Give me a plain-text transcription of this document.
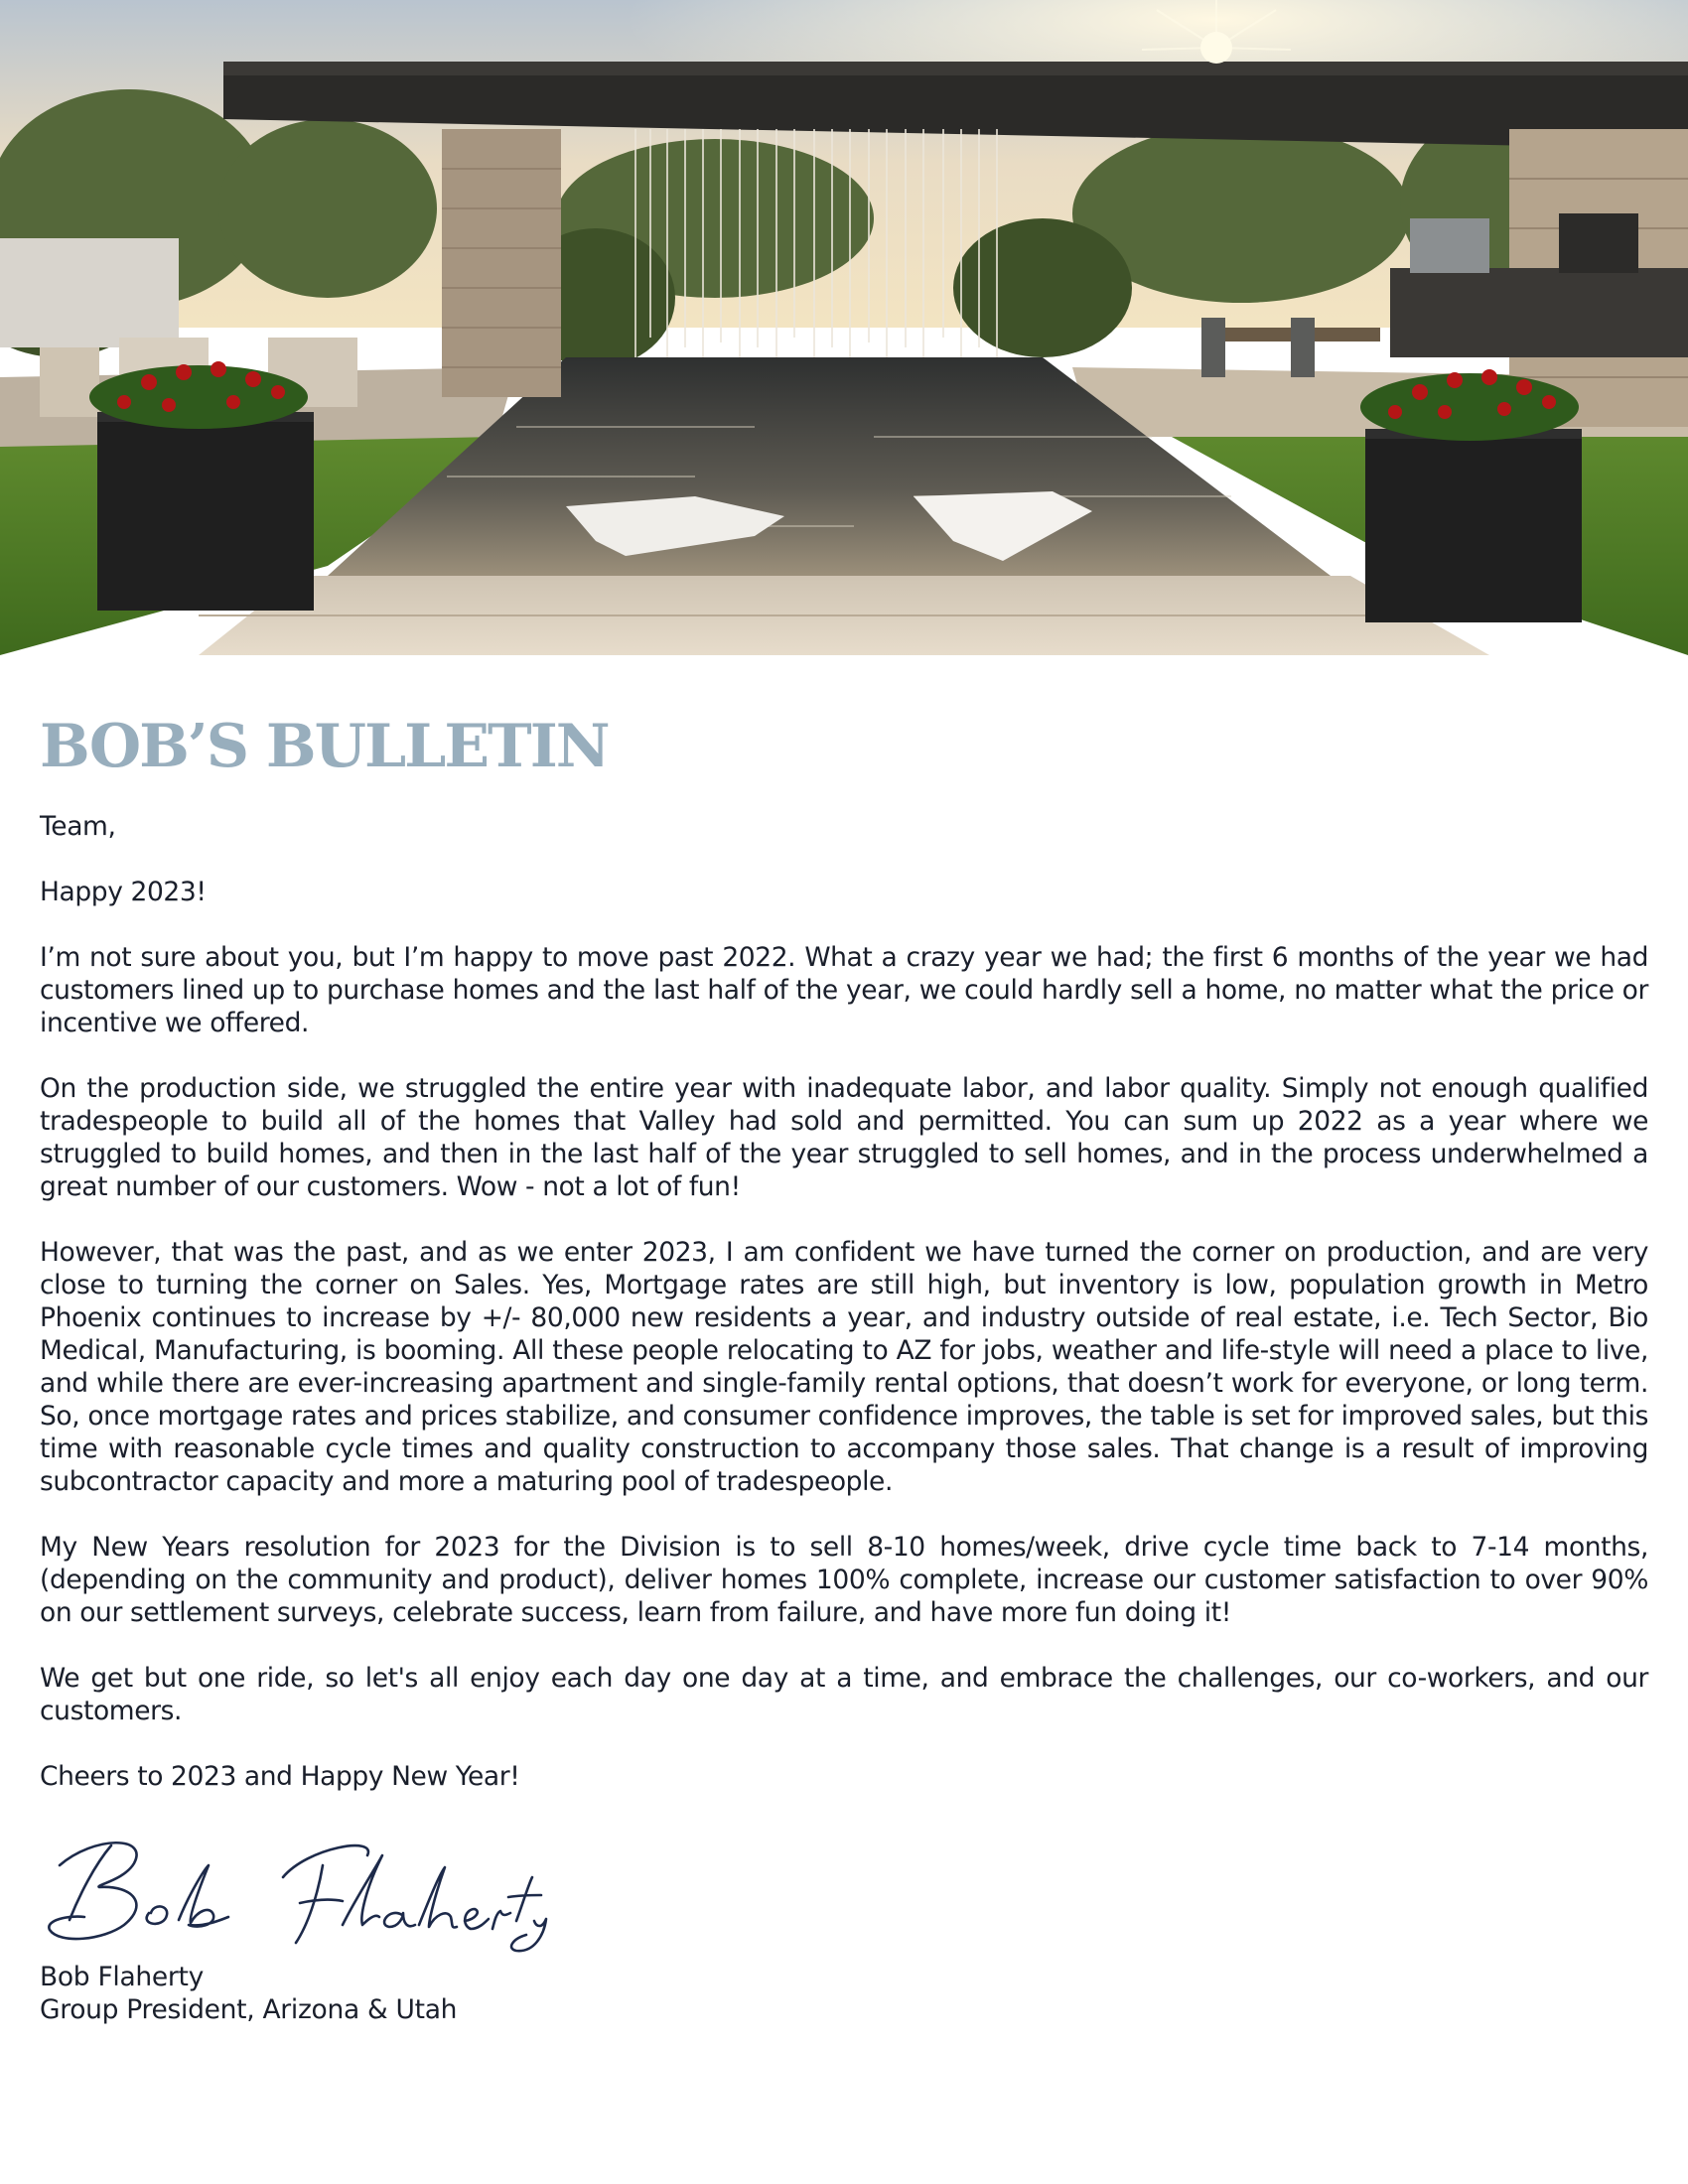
BOB’S BULLETIN

Team,

Happy 2023!

I’m not sure about you, but I’m happy to move past 2022. What a crazy year we had; the first 6 months of the year we had customers lined up to purchase homes and the last half of the year, we could hardly sell a home, no matter what the price or incentive we offered.

On the production side, we struggled the entire year with inadequate labor, and labor quality. Simply not enough qualified tradespeople to build all of the homes that Valley had sold and permitted. You can sum up 2022 as a year where we struggled to build homes, and then in the last half of the year struggled to sell homes, and in the process underwhelmed a great number of our customers. Wow - not a lot of fun!

However, that was the past, and as we enter 2023, I am confident we have turned the corner on production, and are very close to turning the corner on Sales. Yes, Mortgage rates are still high, but inventory is low, population growth in Metro Phoenix continues to increase by +/- 80,000 new residents a year, and industry outside of real estate, i.e. Tech Sector, Bio Medical, Manufacturing, is booming. All these people relocating to AZ for jobs, weather and life-style will need a place to live, and while there are ever-increasing apartment and single-family rental options, that doesn’t work for everyone, or long term. So, once mortgage rates and prices stabilize, and consumer confidence improves, the table is set for improved sales, but this time with reasonable cycle times and quality construction to accompany those sales. That change is a result of improving subcontractor capacity and more a maturing pool of tradespeople.

My New Years resolution for 2023 for the Division is to sell 8-10 homes/week, drive cycle time back to 7-14 months, (depending on the community and product), deliver homes 100% complete, increase our customer satisfaction to over 90% on our settlement surveys, celebrate success, learn from failure, and have more fun doing it!

We get but one ride, so let's all enjoy each day one day at a time, and embrace the challenges, our co-workers, and our customers.

Cheers to 2023 and Happy New Year!

Bob Flaherty
Group President, Arizona & Utah
